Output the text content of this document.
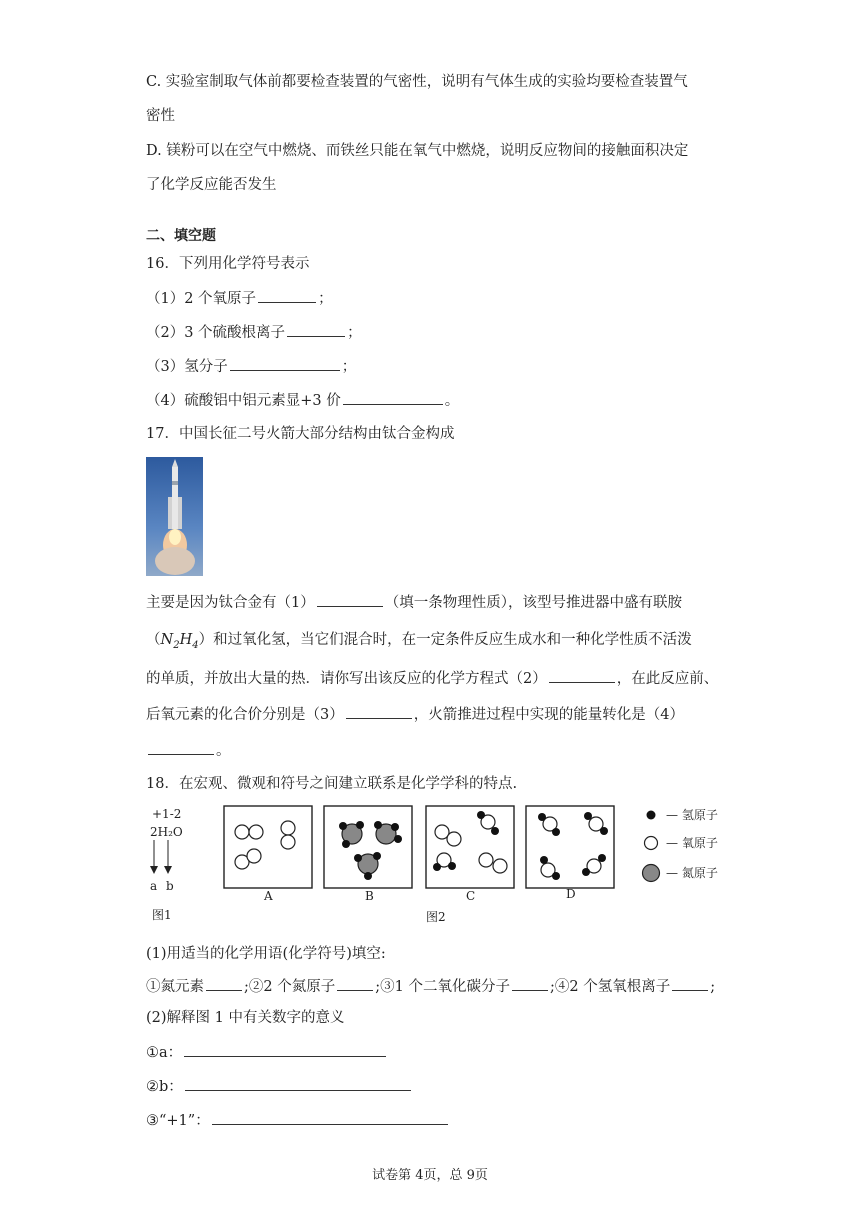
C. 实验室制取气体前都要检查装置的气密性，说明有气体生成的实验均要检查装置气
密性
D. 镁粉可以在空气中燃烧、而铁丝只能在氧气中燃烧，说明反应物间的接触面积决定
了化学反应能否发生
二、填空题
16．下列用化学符号表示
（1）2 个氧原子	；
（2）3 个硫酸根离子	；
（3）氢分子	；
（4）硫酸铝中铝元素显+3 价	。
17．中国长征二号火箭大部分结构由钛合金构成
主要是因为钛合金有（1）	（填一条物理性质），该型号推进器中盛有联胺
$(N_2H_4)$和过氧化氢，当它们混合时，在一定条件反应生成水和一种化学性质不活泼
的单质，并放出大量的热．请你写出该反应的化学方程式（2）	，在此反应前、
后氧元素的化合价分别是（3）	，火箭推进过程中实现的能量转化是（4）
。
18．在宏观、微观和符号之间建立联系是化学学科的特点.
+1-2
2H₂O
a b
图1	图2
A	B	C	D
— 氢原子
— 氧原子
— 氮原子
(1)用适当的化学用语(化学符号)填空:
①氮元素	;②2 个氮原子	;③1 个二氧化碳分子	;④2 个氢氧根离子	;
(2)解释图 1 中有关数字的意义
①a：
②b：
③“+1”：
试卷第 4页，总 9页
